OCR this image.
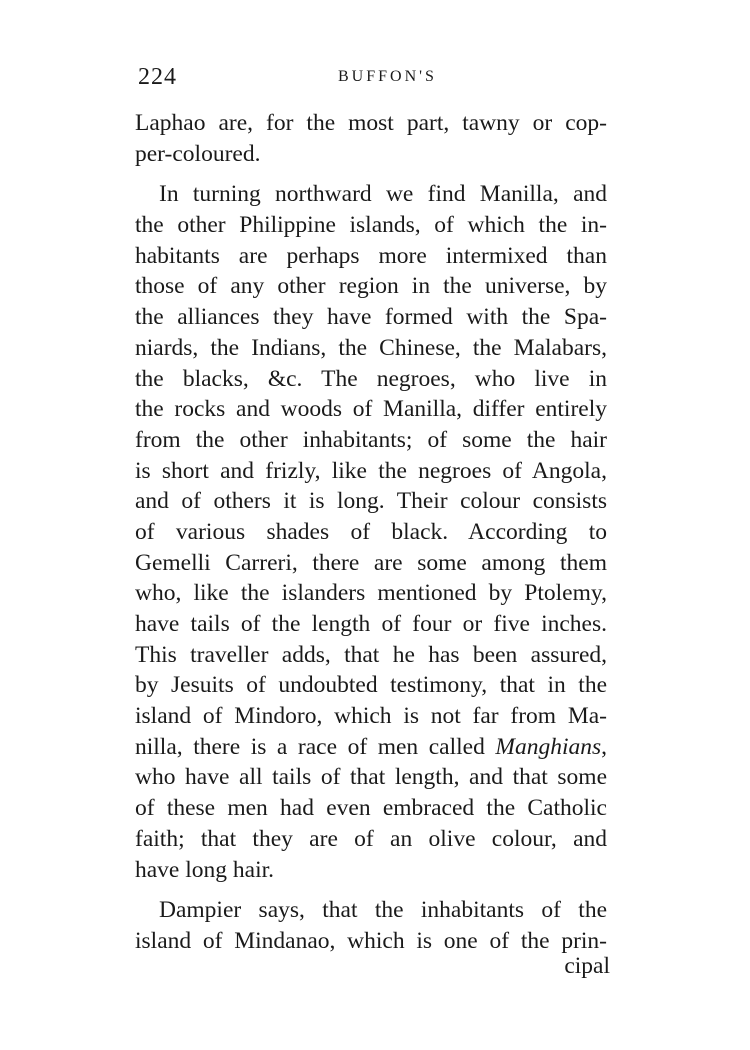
224	BUFFON'S
Laphao are, for the most part, tawny or cop-
per-coloured.
In turning northward we find Manilla, and
the other Philippine islands, of which the in-
habitants are perhaps more intermixed than
those of any other region in the universe, by
the alliances they have formed with the Spa-
niards, the Indians, the Chinese, the Malabars,
the blacks, &c. The negroes, who live in
the rocks and woods of Manilla, differ entirely
from the other inhabitants; of some the hair
is short and frizly, like the negroes of Angola,
and of others it is long. Their colour consists
of various shades of black. According to
Gemelli Carreri, there are some among them
who, like the islanders mentioned by Ptolemy,
have tails of the length of four or five inches.
This traveller adds, that he has been assured,
by Jesuits of undoubted testimony, that in the
island of Mindoro, which is not far from Ma-
nilla, there is a race of men called Manghians,
who have all tails of that length, and that some
of these men had even embraced the Catholic
faith; that they are of an olive colour, and
have long hair.
Dampier says, that the inhabitants of the
island of Mindanao, which is one of the prin-
cipal
